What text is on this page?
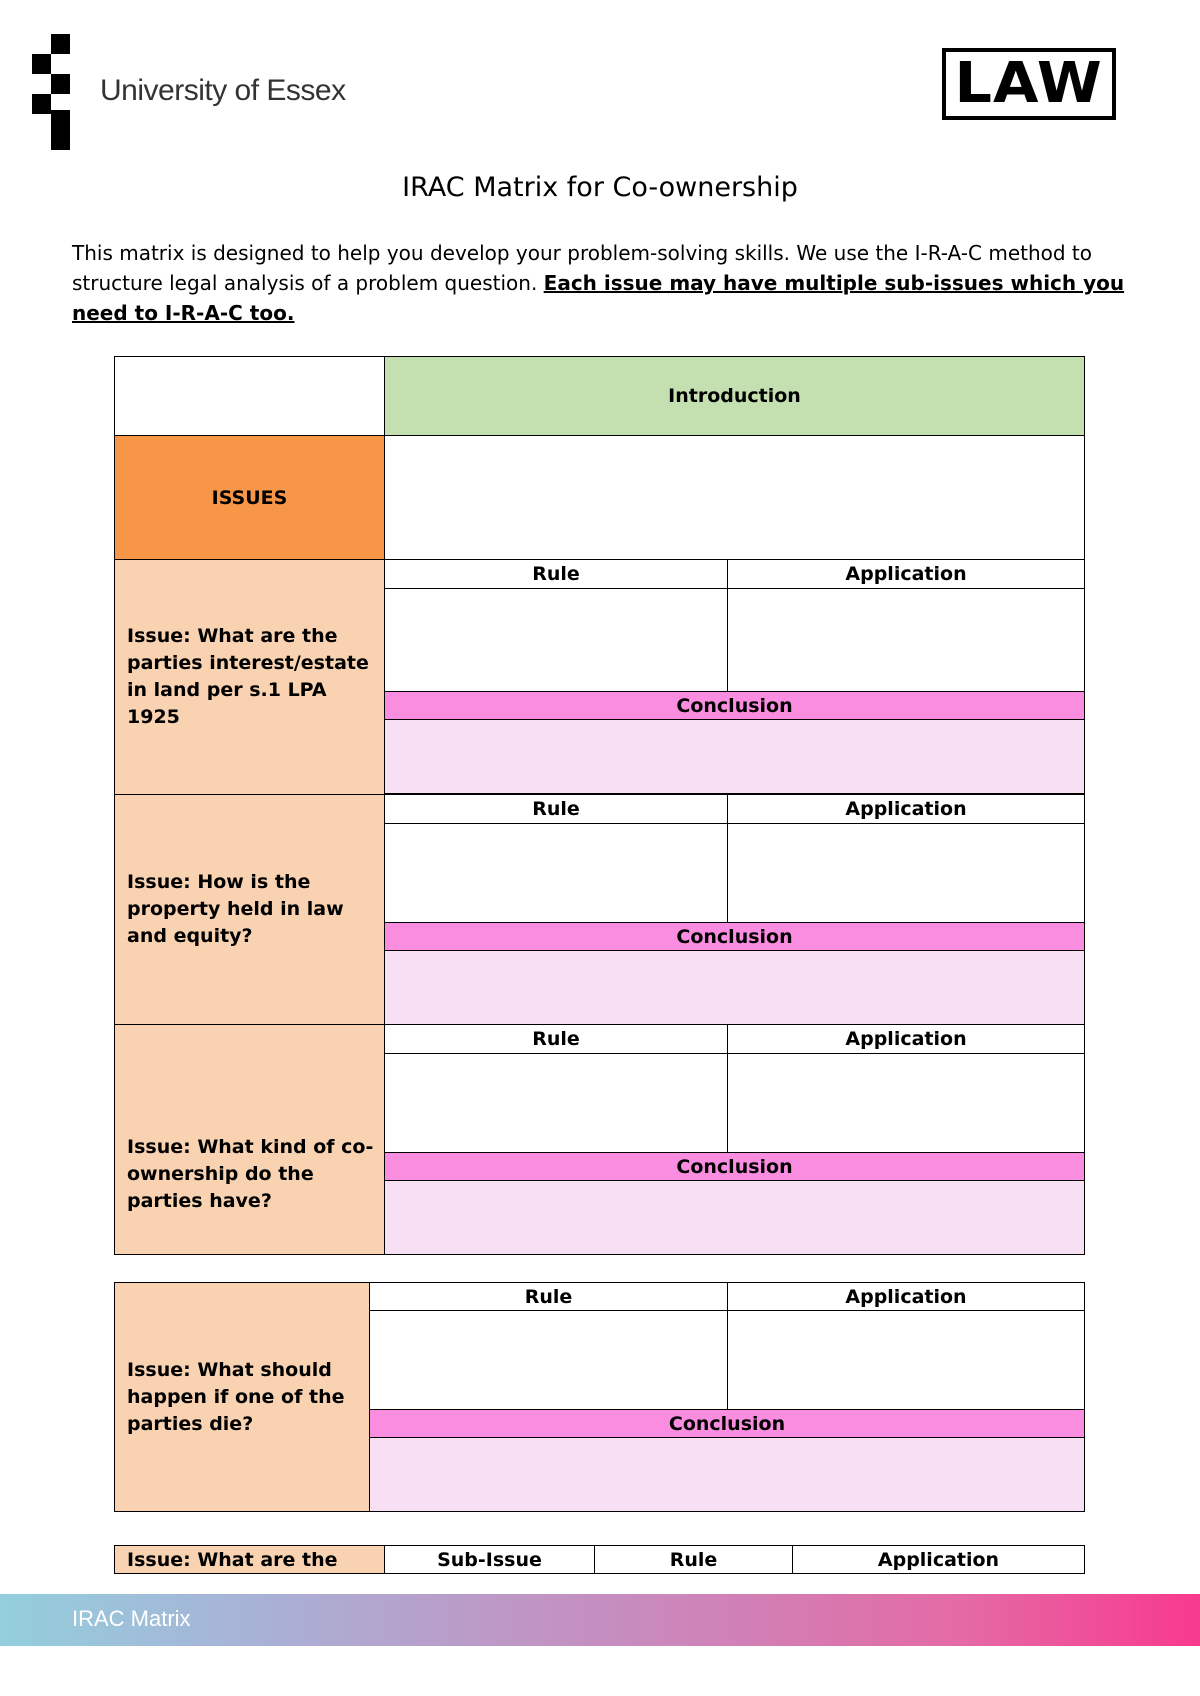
University of Essex	LAW
IRAC Matrix for Co-ownership

This matrix is designed to help you develop your problem-solving skills. We use the I-R-A-C method to structure legal analysis of a problem question. Each issue may have multiple sub-issues which you need to I-R-A-C too.

	Introduction	
ISSUES		
Issue: What are the parties interest/estate in land per s.1 LPA 1925	Rule	Application

	Conclusion	

Issue: How is the property held in law and equity?	Rule	Application

	Conclusion	

Issue: What kind of co-ownership do the parties have?	Rule	Application

	Conclusion	

Issue: What should happen if one of the parties die?	Rule	Application

	Conclusion	

Issue: What are the	Sub-Issue	Rule	Application
IRAC Matrix
